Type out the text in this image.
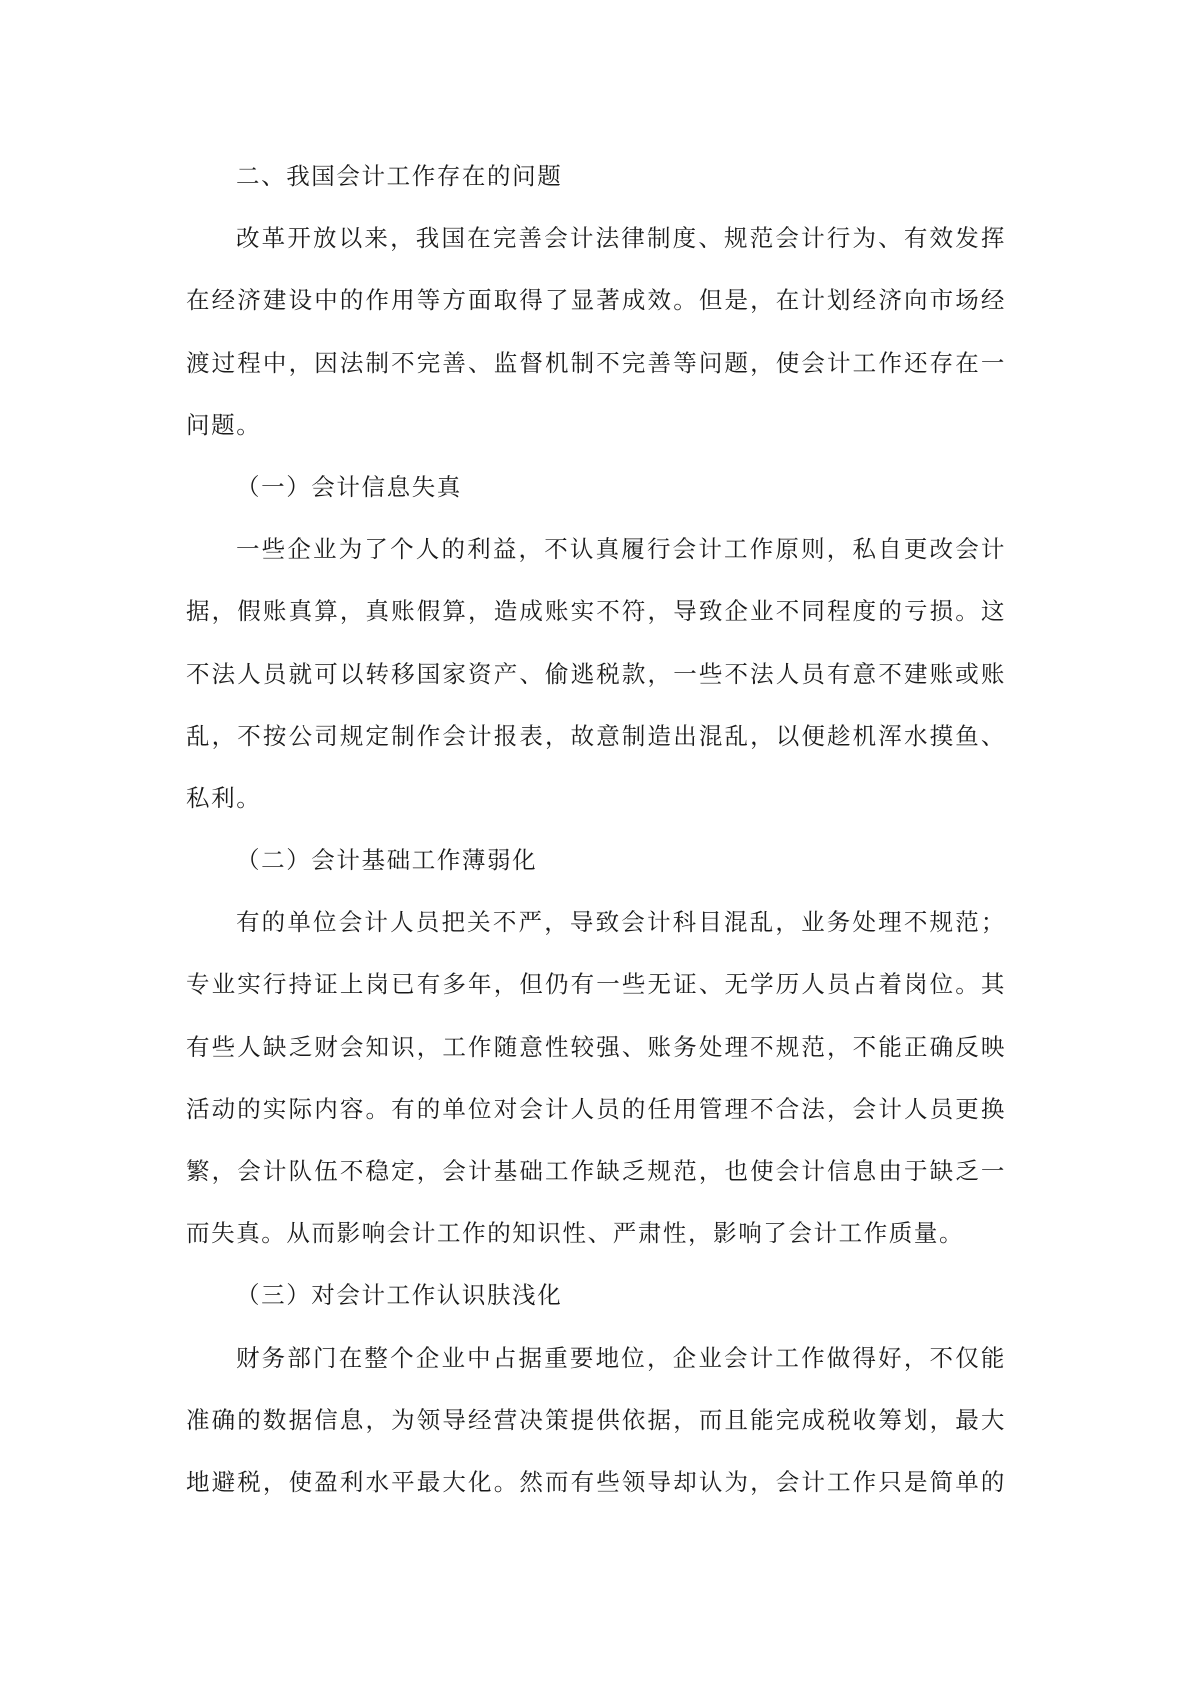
二、我国会计工作存在的问题
改革开放以来，我国在完善会计法律制度、规范会计行为、有效发挥
在经济建设中的作用等方面取得了显著成效。但是，在计划经济向市场经
渡过程中，因法制不完善、监督机制不完善等问题，使会计工作还存在一
问题。
（一）会计信息失真
一些企业为了个人的利益，不认真履行会计工作原则，私自更改会计
据，假账真算，真账假算，造成账实不符，导致企业不同程度的亏损。这
不法人员就可以转移国家资产、偷逃税款，一些不法人员有意不建账或账
乱，不按公司规定制作会计报表，故意制造出混乱，以便趁机浑水摸鱼、
私利。
（二）会计基础工作薄弱化
有的单位会计人员把关不严，导致会计科目混乱，业务处理不规范；
专业实行持证上岗已有多年，但仍有一些无证、无学历人员占着岗位。其
有些人缺乏财会知识，工作随意性较强、账务处理不规范，不能正确反映
活动的实际内容。有的单位对会计人员的任用管理不合法，会计人员更换
繁，会计队伍不稳定，会计基础工作缺乏规范，也使会计信息由于缺乏一
而失真。从而影响会计工作的知识性、严肃性，影响了会计工作质量。
（三）对会计工作认识肤浅化
财务部门在整个企业中占据重要地位，企业会计工作做得好，不仅能
准确的数据信息，为领导经营决策提供依据，而且能完成税收筹划，最大
地避税，使盈利水平最大化。然而有些领导却认为，会计工作只是简单的
